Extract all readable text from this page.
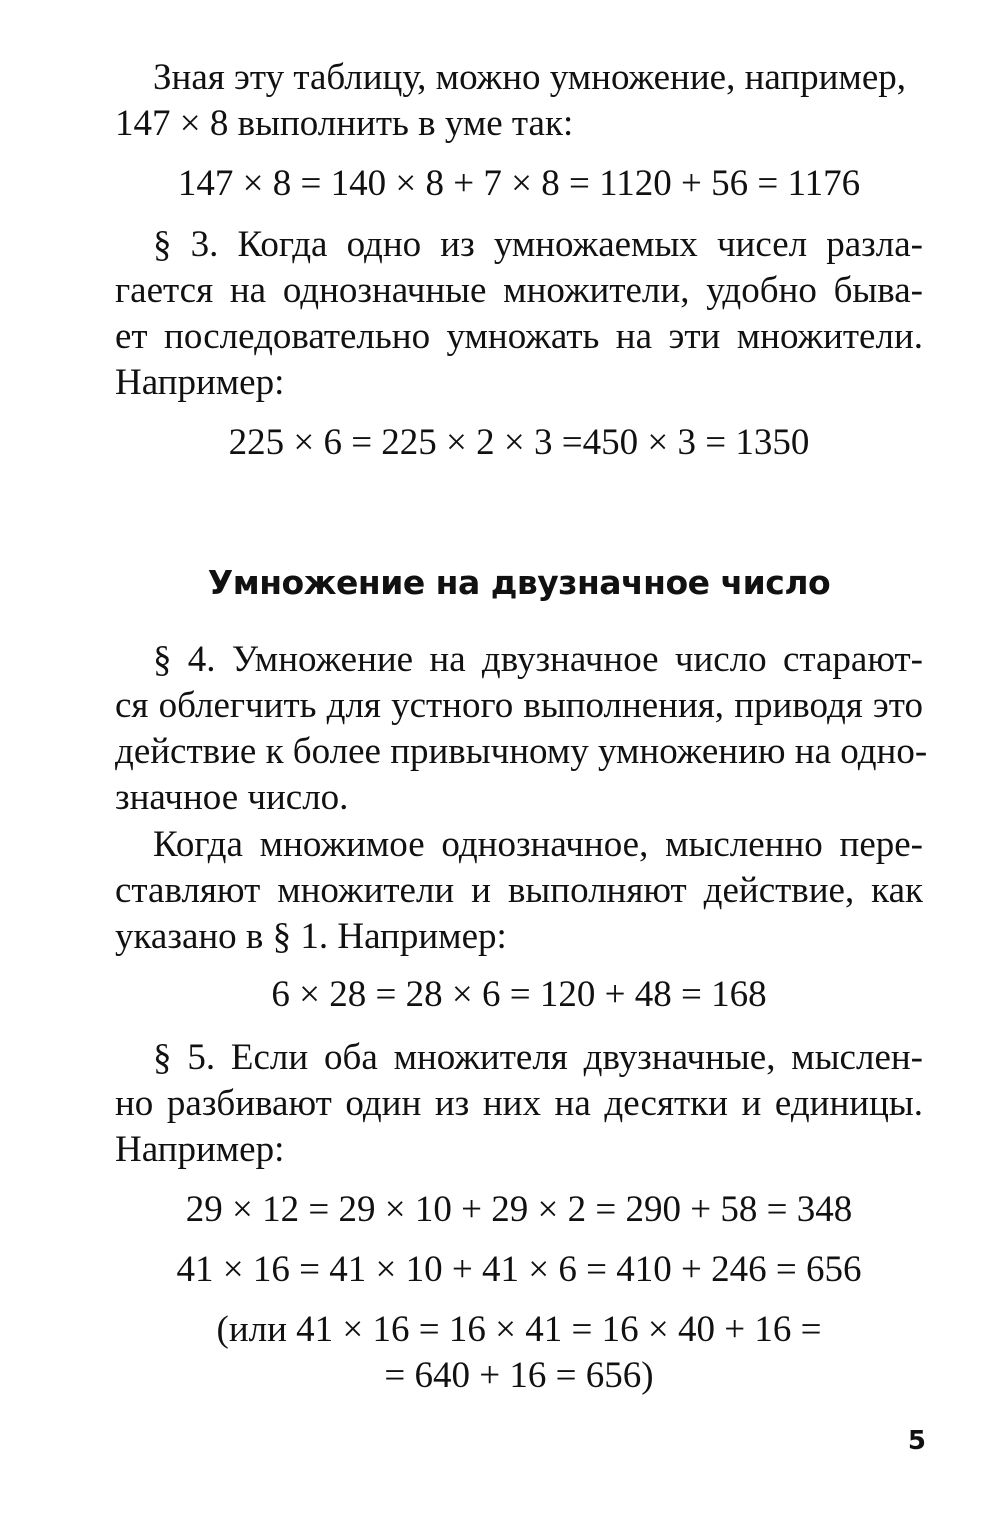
Зная эту таблицу, можно умножение, например,
147 × 8 выполнить в уме так:
147 × 8 = 140 × 8 + 7 × 8 = 1120 + 56 = 1176
§ 3. Когда одно из умножаемых чисел разла-
гается на однозначные множители, удобно быва-
ет последовательно умножать на эти множители.
Например:
225 × 6 = 225 × 2 × 3 =450 × 3 = 1350
Умножение на двузначное число
§ 4. Умножение на двузначное число старают-
ся облегчить для устного выполнения, приводя это
действие к более привычному умножению на одно-
значное число.
Когда множимое однозначное, мысленно пере-
ставляют множители и выполняют действие, как
указано в § 1. Например:
6 × 28 = 28 × 6 = 120 + 48 = 168
§ 5. Если оба множителя двузначные, мыслен-
но разбивают один из них на десятки и единицы.
Например:
29 × 12 = 29 × 10 + 29 × 2 = 290 + 58 = 348
41 × 16 = 41 × 10 + 41 × 6 = 410 + 246 = 656
(или 41 × 16 = 16 × 41 = 16 × 40 + 16 =
= 640 + 16 = 656)
5
